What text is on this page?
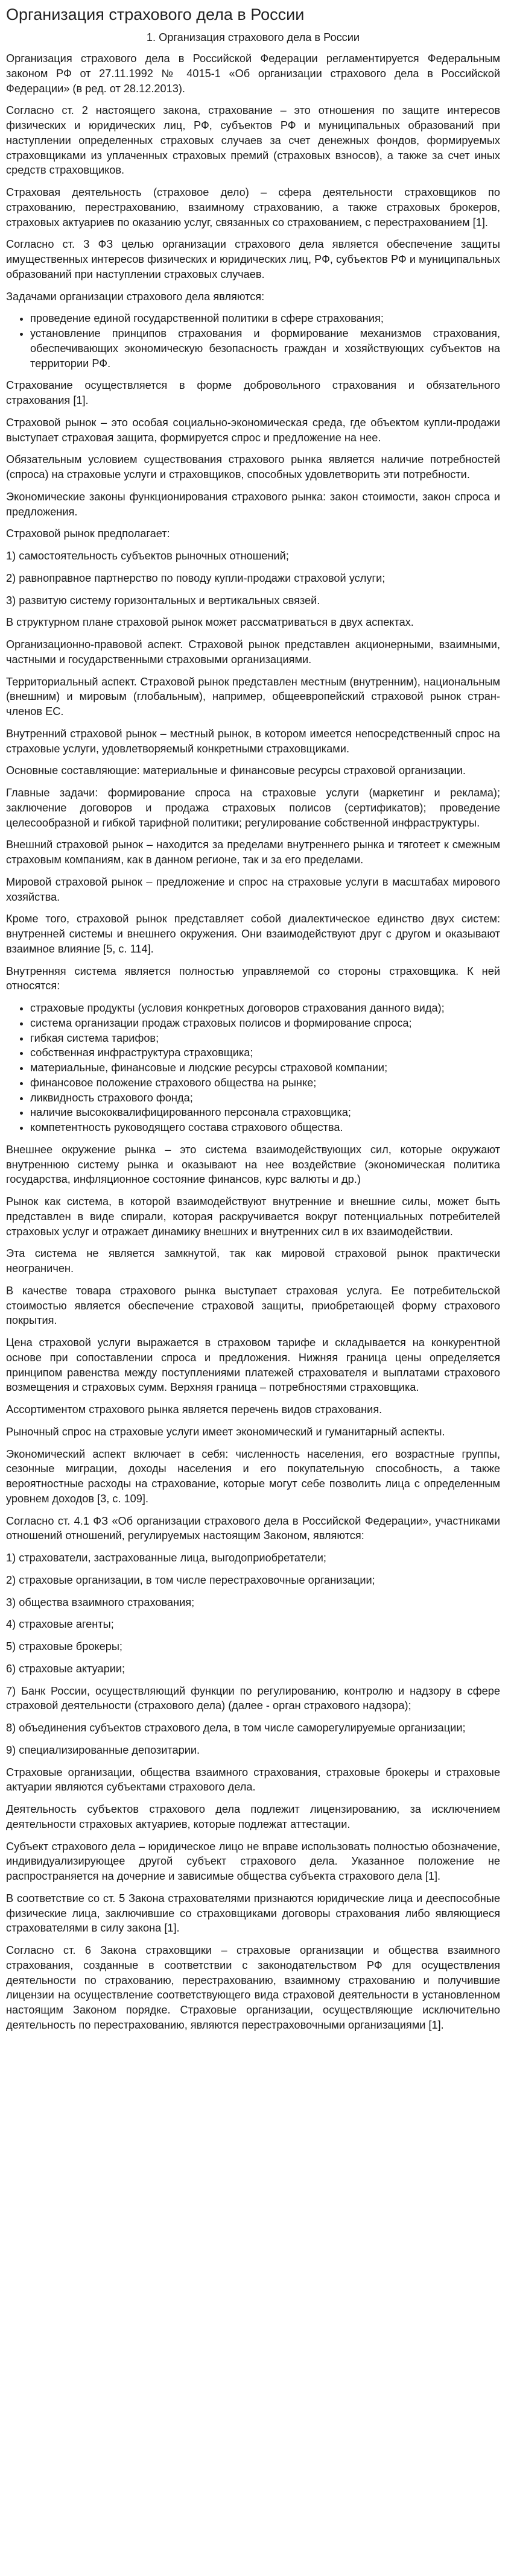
Организация страхового дела в России

1. Организация страхового дела в России

Организация страхового дела в Российской Федерации регламентируется Федеральным законом РФ от 27.11.1992 № 4015-1 «Об организации страхового дела в Российской Федерации» (в ред. от 28.12.2013).

Согласно ст. 2 настоящего закона, страхование – это отношения по защите интересов физических и юридических лиц, РФ, субъектов РФ и муниципальных образований при наступлении определенных страховых случаев за счет денежных фондов, формируемых страховщиками из уплаченных страховых премий (страховых взносов), а также за счет иных средств страховщиков.

Страховая деятельность (страховое дело) – сфера деятельности страховщиков по страхованию, перестрахованию, взаимному страхованию, а также страховых брокеров, страховых актуариев по оказанию услуг, связанных со страхованием, с перестрахованием [1].

Согласно ст. 3 ФЗ целью организации страхового дела является обеспечение защиты имущественных интересов физических и юридических лиц, РФ, субъектов РФ и муниципальных образований при наступлении страховых случаев.

Задачами организации страхового дела являются:

• проведение единой государственной политики в сфере страхования;
• установление принципов страхования и формирование механизмов страхования, обеспечивающих экономическую безопасность граждан и хозяйствующих субъектов на территории РФ.

Страхование осуществляется в форме добровольного страхования и обязательного страхования [1].

Страховой рынок – это особая социально-экономическая среда, где объектом купли-продажи выступает страховая защита, формируется спрос и предложение на нее.

Обязательным условием существования страхового рынка является наличие потребностей (спроса) на страховые услуги и страховщиков, способных удовлетворить эти потребности.

Экономические законы функционирования страхового рынка: закон стоимости, закон спроса и предложения.

Страховой рынок предполагает:

1) самостоятельность субъектов рыночных отношений;

2) равноправное партнерство по поводу купли-продажи страховой услуги;

3) развитую систему горизонтальных и вертикальных связей.

В структурном плане страховой рынок может рассматриваться в двух аспектах.

Организационно-правовой аспект. Страховой рынок представлен акционерными, взаимными, частными и государственными страховыми организациями.

Территориальный аспект. Страховой рынок представлен местным (внутренним), национальным (внешним) и мировым (глобальным), например, общеевропейский страховой рынок стран-членов ЕС.

Внутренний страховой рынок – местный рынок, в котором имеется непосредственный спрос на страховые услуги, удовлетворяемый конкретными страховщиками.

Основные составляющие: материальные и финансовые ресурсы страховой организации.

Главные задачи: формирование спроса на страховые услуги (маркетинг и реклама); заключение договоров и продажа страховых полисов (сертификатов); проведение целесообразной и гибкой тарифной политики; регулирование собственной инфраструктуры.

Внешний страховой рынок – находится за пределами внутреннего рынка и тяготеет к смежным страховым компаниям, как в данном регионе, так и за его пределами.

Мировой страховой рынок – предложение и спрос на страховые услуги в масштабах мирового хозяйства.

Кроме того, страховой рынок представляет собой диалектическое единство двух систем: внутренней системы и внешнего окружения. Они взаимодействуют друг с другом и оказывают взаимное влияние [5, с. 114].

Внутренняя система является полностью управляемой со стороны страховщика. К ней относятся:

• страховые продукты (условия конкретных договоров страхования данного вида);
• система организации продаж страховых полисов и формирование спроса;
• гибкая система тарифов;
• собственная инфраструктура страховщика;
• материальные, финансовые и людские ресурсы страховой компании;
• финансовое положение страхового общества на рынке;
• ликвидность страхового фонда;
• наличие высококвалифицированного персонала страховщика;
• компетентность руководящего состава страхового общества.

Внешнее окружение рынка – это система взаимодействующих сил, которые окружают внутреннюю систему рынка и оказывают на нее воздействие (экономическая политика государства, инфляционное состояние финансов, курс валюты и др.)

Рынок как система, в которой взаимодействуют внутренние и внешние силы, может быть представлен в виде спирали, которая раскручивается вокруг потенциальных потребителей страховых услуг и отражает динамику внешних и внутренних сил в их взаимодействии.

Эта система не является замкнутой, так как мировой страховой рынок практически неограничен.

В качестве товара страхового рынка выступает страховая услуга. Ее потребительской стоимостью является обеспечение страховой защиты, приобретающей форму страхового покрытия.

Цена страховой услуги выражается в страховом тарифе и складывается на конкурентной основе при сопоставлении спроса и предложения. Нижняя граница цены определяется принципом равенства между поступлениями платежей страхователя и выплатами страхового возмещения и страховых сумм. Верхняя граница – потребностями страховщика.

Ассортиментом страхового рынка является перечень видов страхования.

Рыночный спрос на страховые услуги имеет экономический и гуманитарный аспекты.

Экономический аспект включает в себя: численность населения, его возрастные группы, сезонные миграции, доходы населения и его покупательную способность, а также вероятностные расходы на страхование, которые могут себе позволить лица с определенным уровнем доходов [3, с. 109].

Согласно ст. 4.1 ФЗ «Об организации страхового дела в Российской Федерации», участниками отношений отношений, регулируемых настоящим Законом, являются:

1) страхователи, застрахованные лица, выгодоприобретатели;

2) страховые организации, в том числе перестраховочные организации;

3) общества взаимного страхования;

4) страховые агенты;

5) страховые брокеры;

6) страховые актуарии;

7) Банк России, осуществляющий функции по регулированию, контролю и надзору в сфере страховой деятельности (страхового дела) (далее - орган страхового надзора);

8) объединения субъектов страхового дела, в том числе саморегулируемые организации;

9) специализированные депозитарии.

Страховые организации, общества взаимного страхования, страховые брокеры и страховые актуарии являются субъектами страхового дела.

Деятельность субъектов страхового дела подлежит лицензированию, за исключением деятельности страховых актуариев, которые подлежат аттестации.

Субъект страхового дела – юридическое лицо не вправе использовать полностью обозначение, индивидуализирующее другой субъект страхового дела. Указанное положение не распространяется на дочерние и зависимые общества субъекта страхового дела [1].

В соответствие со ст. 5 Закона страхователями признаются юридические лица и дееспособные физические лица, заключившие со страховщиками договоры страхования либо являющиеся страхователями в силу закона [1].

Согласно ст. 6 Закона страховщики – страховые организации и общества взаимного страхования, созданные в соответствии с законодательством РФ для осуществления деятельности по страхованию, перестрахованию, взаимному страхованию и получившие лицензии на осуществление соответствующего вида страховой деятельности в установленном настоящим Законом порядке. Страховые организации, осуществляющие исключительно деятельность по перестрахованию, являются перестраховочными организациями [1].
